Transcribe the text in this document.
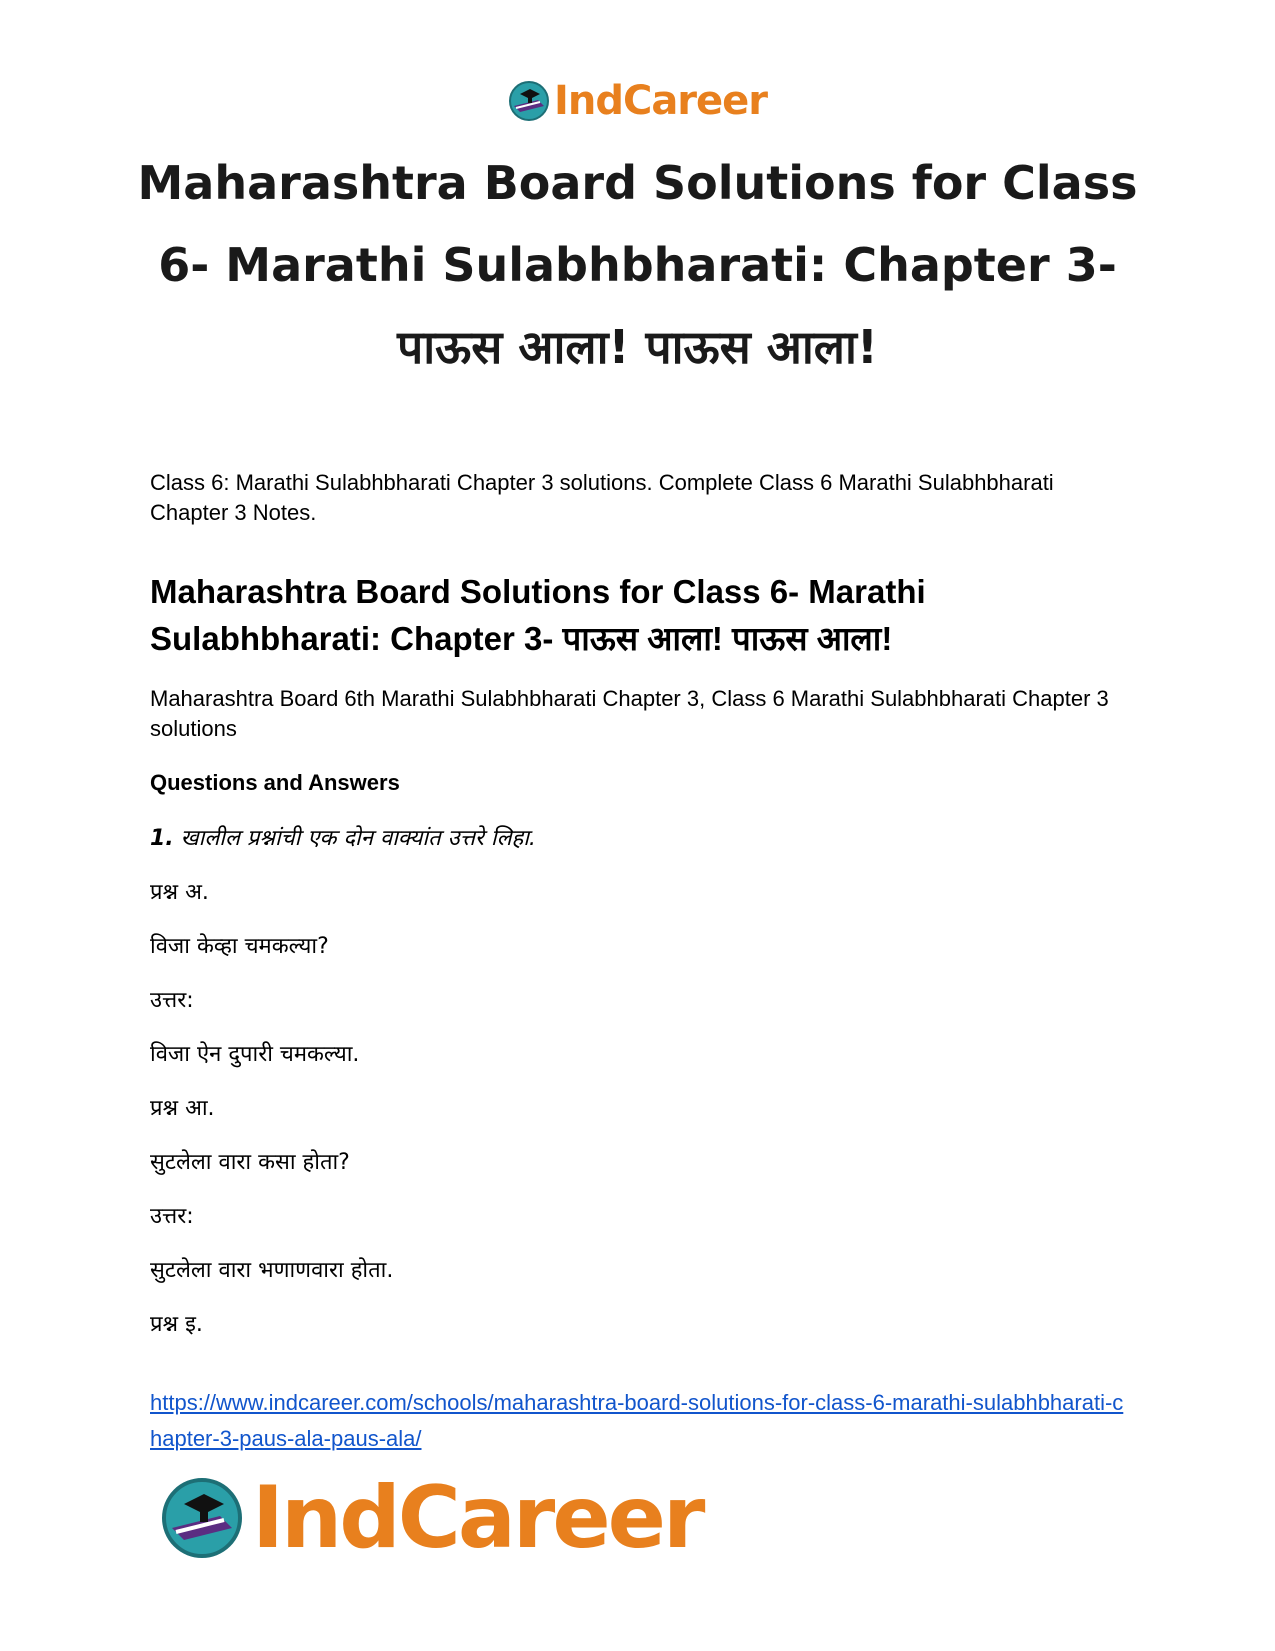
IndCareer
Maharashtra Board Solutions for Class 6- Marathi Sulabhbharati: Chapter 3- पाऊस आला! पाऊस आला!

Class 6: Marathi Sulabhbharati Chapter 3 solutions. Complete Class 6 Marathi Sulabhbharati Chapter 3 Notes.

Maharashtra Board Solutions for Class 6- Marathi Sulabhbharati: Chapter 3- पाऊस आला! पाऊस आला!

Maharashtra Board 6th Marathi Sulabhbharati Chapter 3, Class 6 Marathi Sulabhbharati Chapter 3 solutions

Questions and Answers

1. खालील प्रश्नांची एक दोन वाक्यांत उत्तरे लिहा.

प्रश्न अ.

विजा केव्हा चमकल्या?

उत्तर:

विजा ऐन दुपारी चमकल्या.

प्रश्न आ.

सुटलेला वारा कसा होता?

उत्तर:

सुटलेला वारा भणाणवारा होता.

प्रश्न इ.

https://www.indcareer.com/schools/maharashtra-board-solutions-for-class-6-marathi-sulabhbharati-chapter-3-paus-ala-paus-ala/
IndCareer
